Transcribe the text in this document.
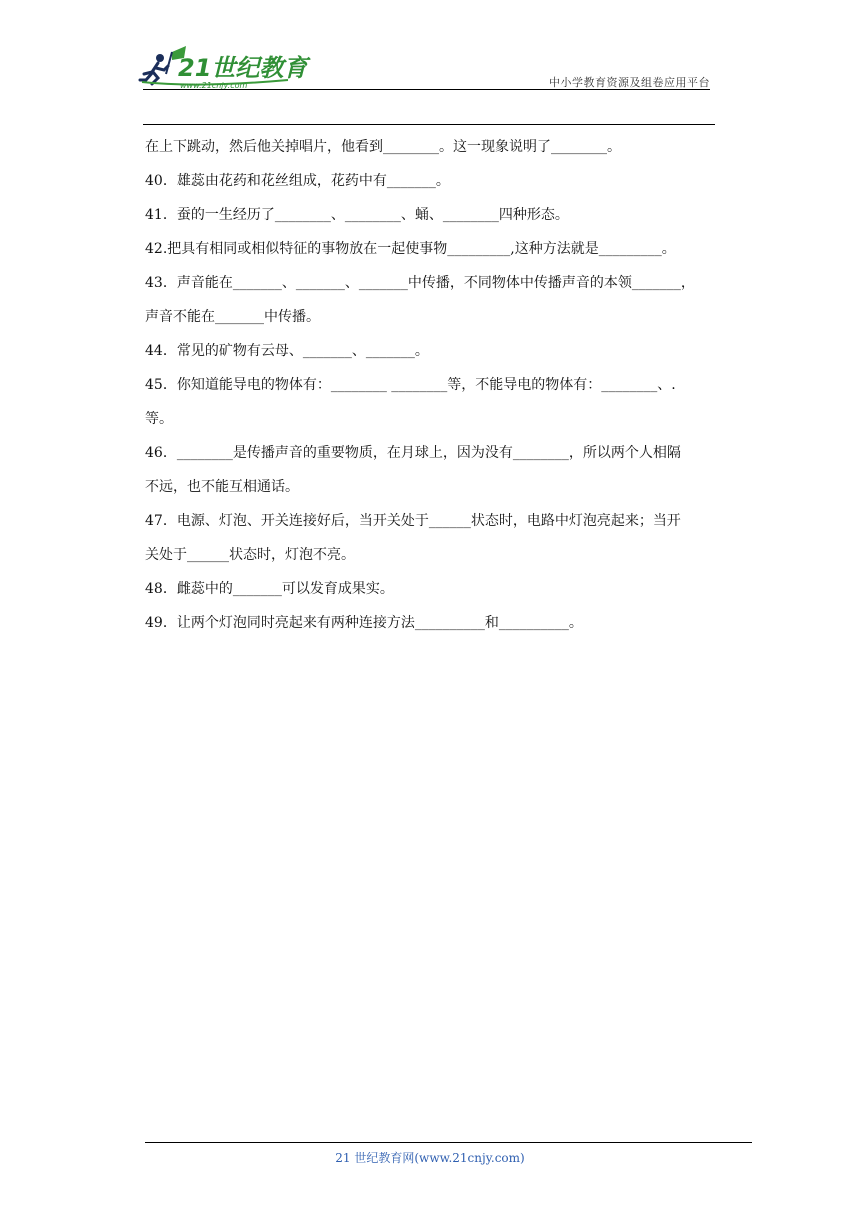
21世纪教育
www.21cnjy.com	中小学教育资源及组卷应用平台
在上下跳动，然后他关掉唱片，他看到________。这一现象说明了________。
40．雄蕊由花药和花丝组成，花药中有_______。
41．蚕的一生经历了________、________、蛹、________四种形态。
42.把具有相同或相似特征的事物放在一起使事物_________,这种方法就是_________。
43．声音能在_______、_______、_______中传播，不同物体中传播声音的本领_______，
声音不能在_______中传播。
44．常见的矿物有云母、_______、_______。
45．你知道能导电的物体有：________ ________等，不能导电的物体有：________、.
等。
46．________是传播声音的重要物质，在月球上，因为没有________，所以两个人相隔
不远，也不能互相通话。
47．电源、灯泡、开关连接好后，当开关处于______状态时，电路中灯泡亮起来；当开
关处于______状态时，灯泡不亮。
48．雌蕊中的_______可以发育成果实。
49．让两个灯泡同时亮起来有两种连接方法__________和__________。
21 世纪教育网(www.21cnjy.com)
